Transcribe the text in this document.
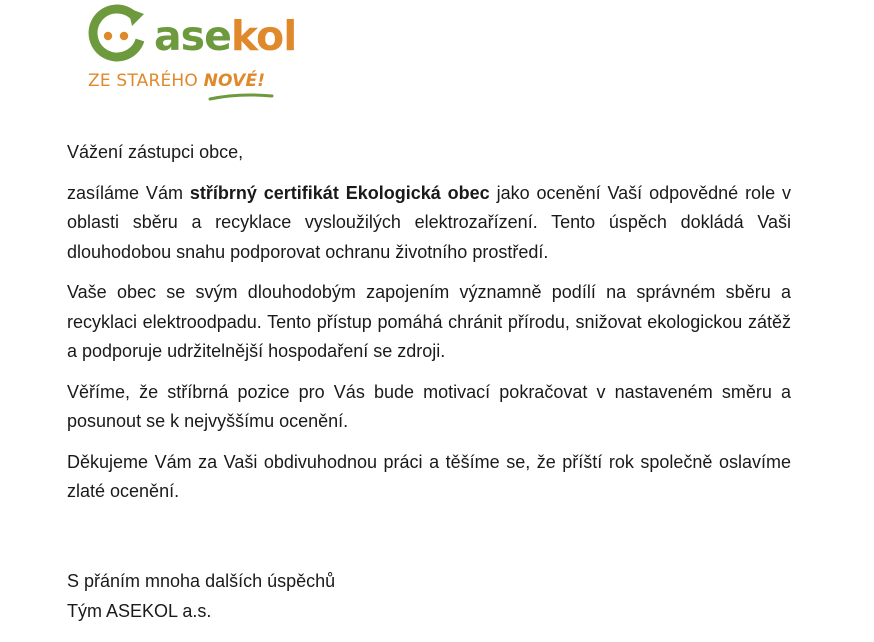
asekol
ZE STARÉHO NOVÉ!

Vážení zástupci obce,

zasíláme Vám stříbrný certifikát Ekologická obec jako ocenění Vaší odpovědné role v oblasti sběru a recyklace vysloužilých elektrozařízení. Tento úspěch dokládá Vaši dlouhodobou snahu podporovat ochranu životního prostředí.

Vaše obec se svým dlouhodobým zapojením významně podílí na správném sběru a recyklaci elektroodpadu. Tento přístup pomáhá chránit přírodu, snižovat ekologickou zátěž a podporuje udržitelnější hospodaření se zdroji.

Věříme, že stříbrná pozice pro Vás bude motivací pokračovat v nastaveném směru a posunout se k nejvyššímu ocenění.

Děkujeme Vám za Vaši obdivuhodnou práci a těšíme se, že příští rok společně oslavíme zlaté ocenění.

S přáním mnoha dalších úspěchů
Tým ASEKOL a.s.
